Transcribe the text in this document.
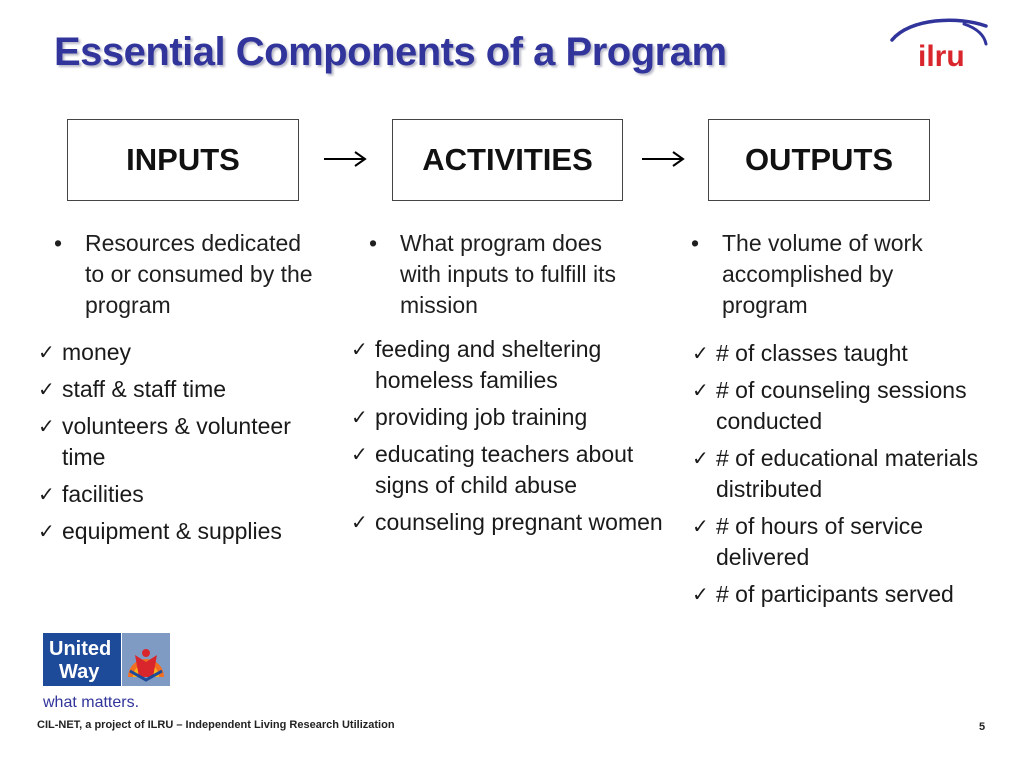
Essential Components of a Program	ilru
INPUTS	ACTIVITIES	OUTPUTS
• Resources dedicated to or consumed by the program
• What program does with inputs to fulfill its mission
• The volume of work accomplished by program
✓ money
✓ staff & staff time
✓ volunteers & volunteer time
✓ facilities
✓ equipment & supplies
✓ feeding and sheltering homeless families
✓ providing job training
✓ educating teachers about signs of child abuse
✓ counseling pregnant women
✓ # of classes taught
✓ # of counseling sessions conducted
✓ # of educational materials distributed
✓ # of hours of service delivered
✓ # of participants served
United
Way
what matters.
CIL-NET, a project of ILRU – Independent Living Research Utilization	5
